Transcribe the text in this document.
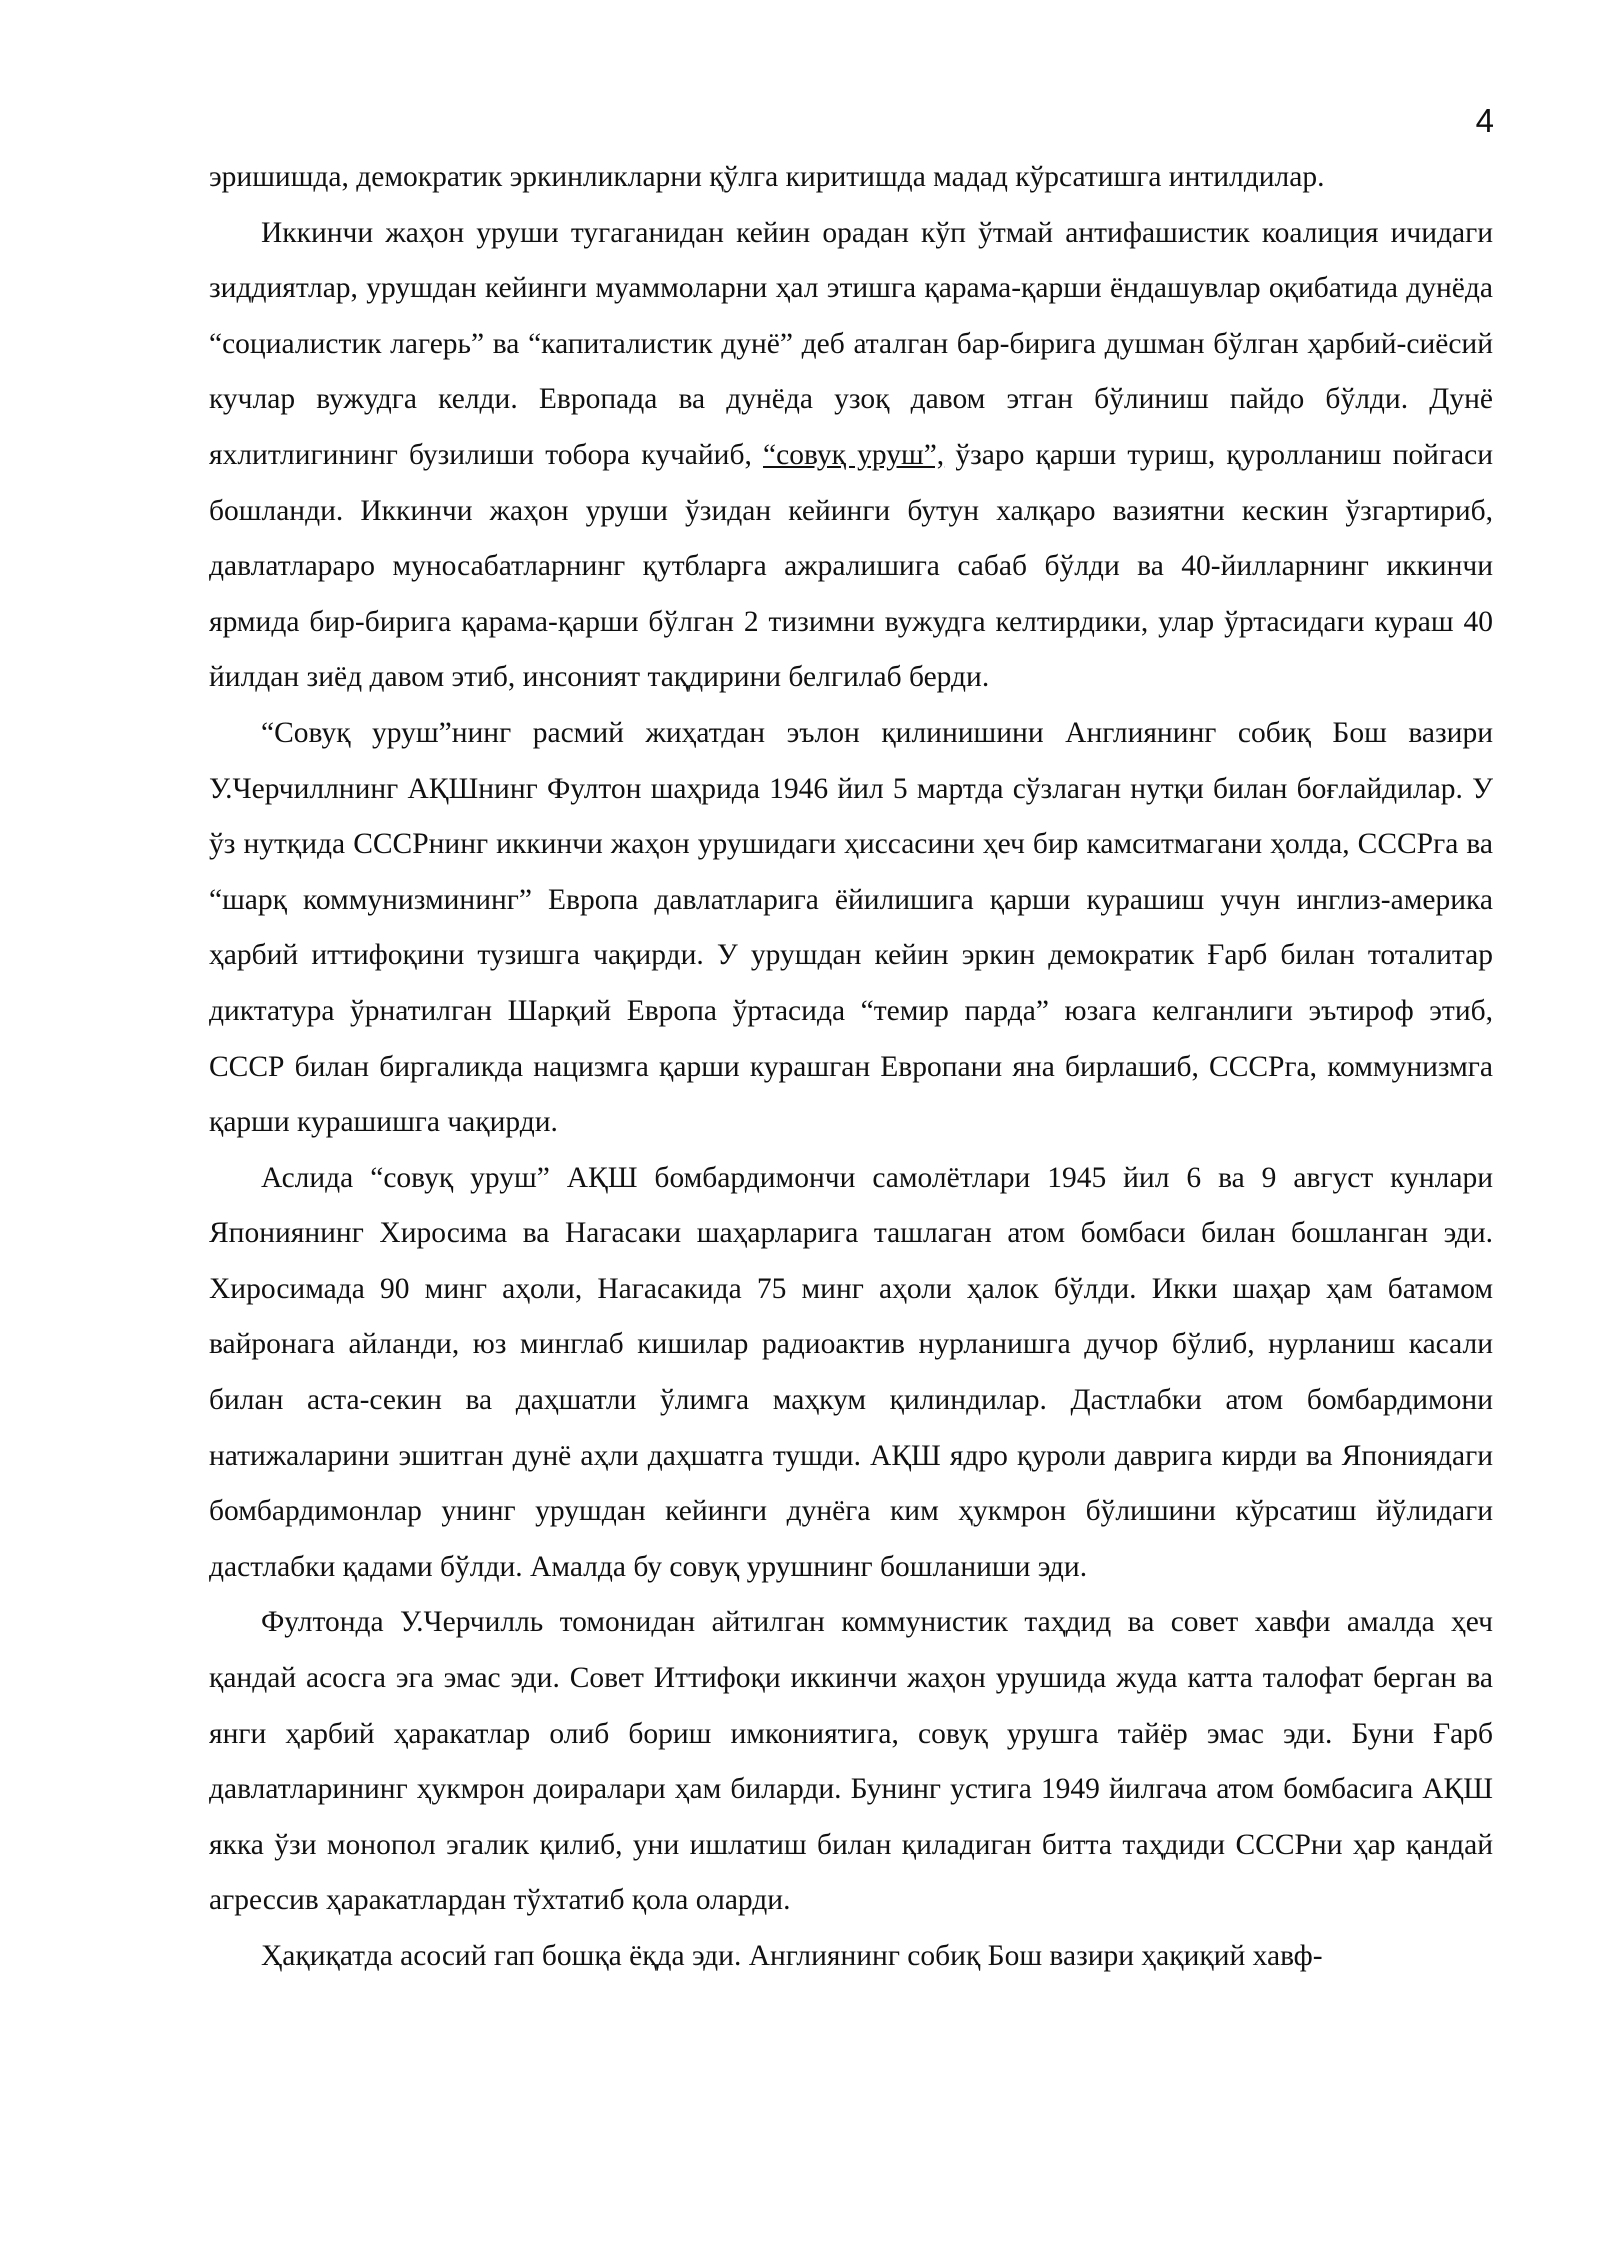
4

эришишда, демократик эркинликларни қўлга киритишда мадад кўрсатишга интилдилар.

Иккинчи жаҳон уруши тугаганидан кейин орадан кўп ўтмай антифашистик коалиция ичидаги зиддиятлар, урушдан кейинги муаммоларни ҳал этишга қарама-қарши ёндашувлар оқибатида дунёда “социалистик лагерь” ва “капиталистик дунё” деб аталган бар-бирига душман бўлган ҳарбий-сиёсий кучлар вужудга келди. Европада ва дунёда узоқ давом этган бўлиниш пайдо бўлди. Дунё яхлитлигининг бузилиши тобора кучайиб, “совуқ уруш”, ўзаро қарши туриш, қуролланиш пойгаси бошланди. Иккинчи жаҳон уруши ўзидан кейинги бутун халқаро вазиятни кескин ўзгартириб, давлатлараро муносабатларнинг қутбларга ажралишига сабаб бўлди ва 40-йилларнинг иккинчи ярмида бир-бирига қарама-қарши бўлган 2 тизимни вужудга келтирдики, улар ўртасидаги кураш 40 йилдан зиёд давом этиб, инсоният тақдирини белгилаб берди.

“Совуқ уруш”нинг расмий жиҳатдан эълон қилинишини Англиянинг собиқ Бош вазири У.Черчиллнинг АҚШнинг Фултон шаҳрида 1946 йил 5 мартда сўзлаган нутқи билан боғлайдилар. У ўз нутқида СССРнинг иккинчи жаҳон урушидаги ҳиссасини ҳеч бир камситмагани ҳолда, СССРга ва “шарқ коммунизмининг” Европа давлатларига ёйилишига қарши курашиш учун инглиз-америка ҳарбий иттифоқини тузишга чақирди. У урушдан кейин эркин демократик Ғарб билан тоталитар диктатура ўрнатилган Шарқий Европа ўртасида “темир парда” юзага келганлиги эътироф этиб, СССР билан биргаликда нацизмга қарши курашган Европани яна бирлашиб, СССРга, коммунизмга қарши курашишга чақирди.

Аслида “совуқ уруш” АҚШ бомбардимончи самолётлари 1945 йил 6 ва 9 август кунлари Япониянинг Хиросима ва Нагасаки шаҳарларига ташлаган атом бомбаси билан бошланган эди. Хиросимада 90 минг аҳоли, Нагасакида 75 минг аҳоли ҳалок бўлди. Икки шаҳар ҳам батамом вайронага айланди, юз минглаб кишилар радиоактив нурланишга дучор бўлиб, нурланиш касали билан аста-секин ва даҳшатли ўлимга маҳкум қилиндилар. Дастлабки атом бомбардимони натижаларини эшитган дунё аҳли даҳшатга тушди. АҚШ ядро қуроли даврига кирди ва Япониядаги бомбардимонлар унинг урушдан кейинги дунёга ким ҳукмрон бўлишини кўрсатиш йўлидаги дастлабки қадами бўлди. Амалда бу совуқ урушнинг бошланиши эди.

Фултонда У.Черчилль томонидан айтилган коммунистик таҳдид ва совет хавфи амалда ҳеч қандай асосга эга эмас эди. Совет Иттифоқи иккинчи жаҳон урушида жуда катта талофат берган ва янги ҳарбий ҳаракатлар олиб бориш имкониятига, совуқ урушга тайёр эмас эди. Буни Ғарб давлатларининг ҳукмрон доиралари ҳам биларди. Бунинг устига 1949 йилгача атом бомбасига АҚШ якка ўзи монопол эгалик қилиб, уни ишлатиш билан қиладиган битта таҳдиди СССРни ҳар қандай агрессив ҳаракатлардан тўхтатиб қола оларди.

Ҳақиқатда асосий гап бошқа ёқда эди. Англиянинг собиқ Бош вазири ҳақиқий хавф-
